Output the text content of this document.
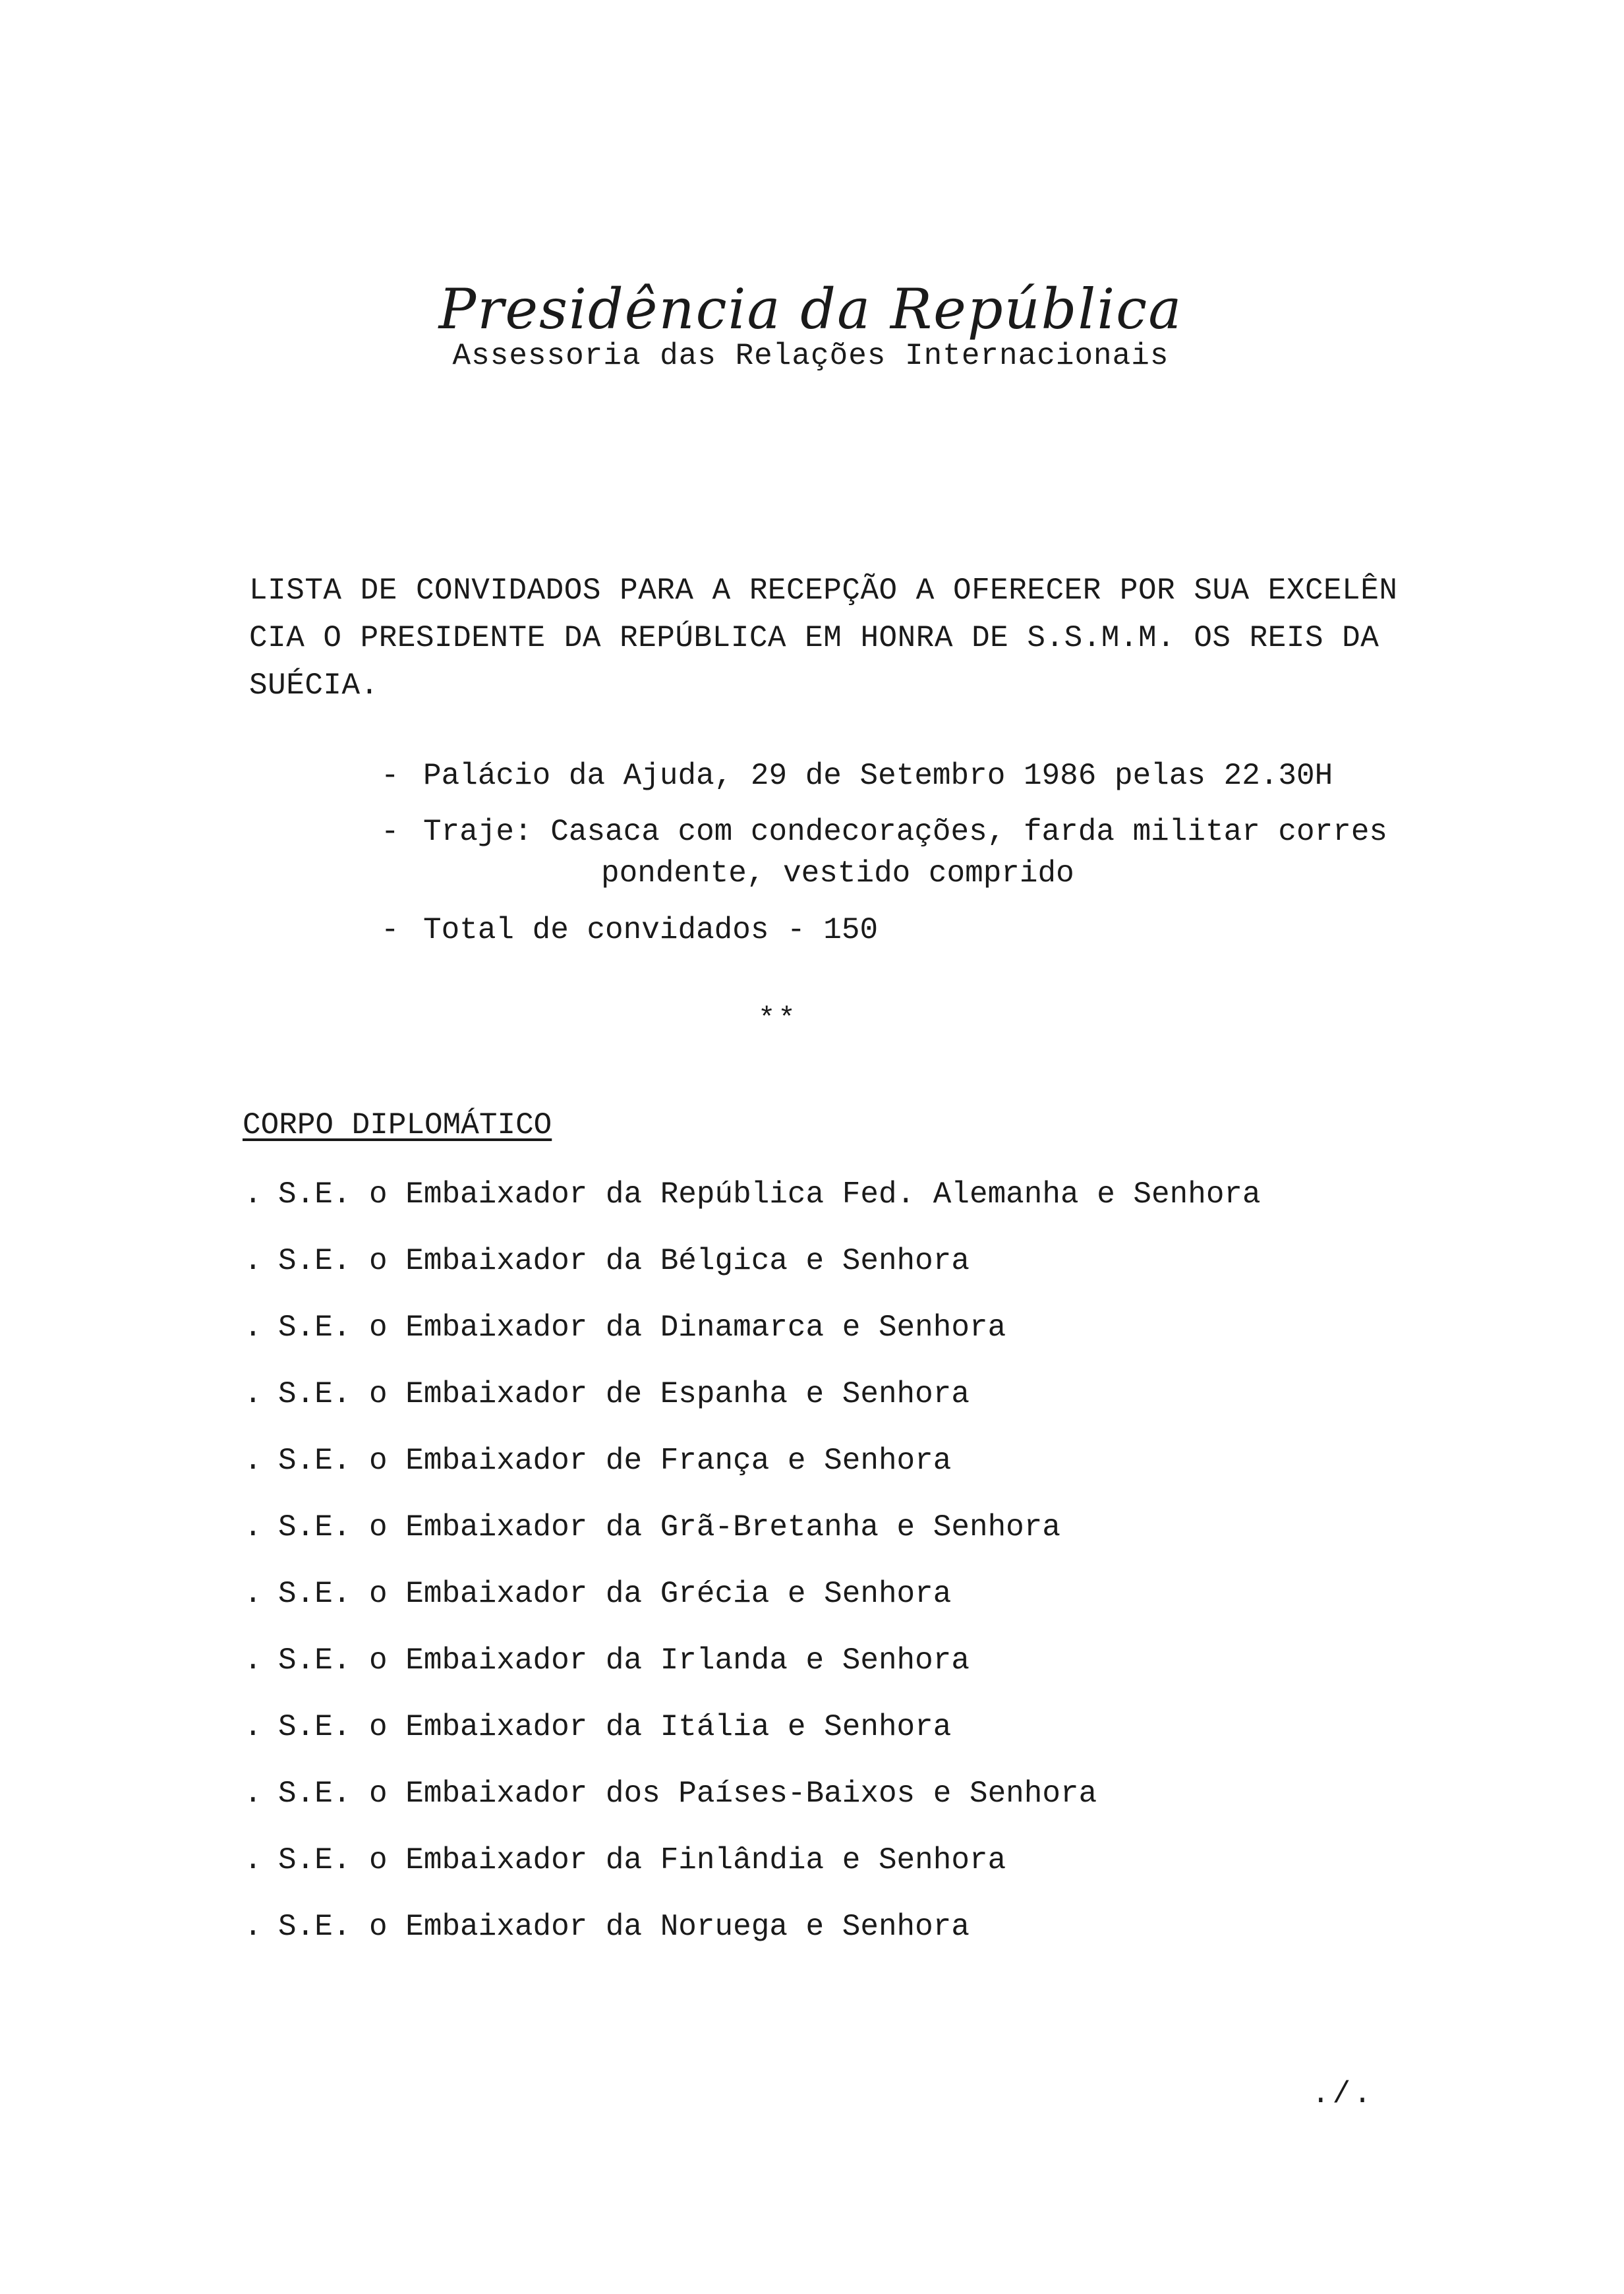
Presidência da República
Assessoria das Relações Internacionais
LISTA DE CONVIDADOS PARA A RECEPÇÃO A OFERECER POR SUA EXCELÊN
CIA O PRESIDENTE DA REPÚBLICA EM HONRA DE S.S.M.M. OS REIS DA
SUÉCIA.
- Palácio da Ajuda, 29 de Setembro 1986 pelas 22.30H
- Traje: Casaca com condecorações, farda militar corres
pondente, vestido comprido
- Total de convidados - 150
**
CORPO DIPLOMÁTICO
. S.E. o Embaixador da República Fed. Alemanha e Senhora
. S.E. o Embaixador da Bélgica e Senhora
. S.E. o Embaixador da Dinamarca e Senhora
. S.E. o Embaixador de Espanha e Senhora
. S.E. o Embaixador de França e Senhora
. S.E. o Embaixador da Grã-Bretanha e Senhora
. S.E. o Embaixador da Grécia e Senhora
. S.E. o Embaixador da Irlanda e Senhora
. S.E. o Embaixador da Itália e Senhora
. S.E. o Embaixador dos Países-Baixos e Senhora
. S.E. o Embaixador da Finlândia e Senhora
. S.E. o Embaixador da Noruega e Senhora
./.
